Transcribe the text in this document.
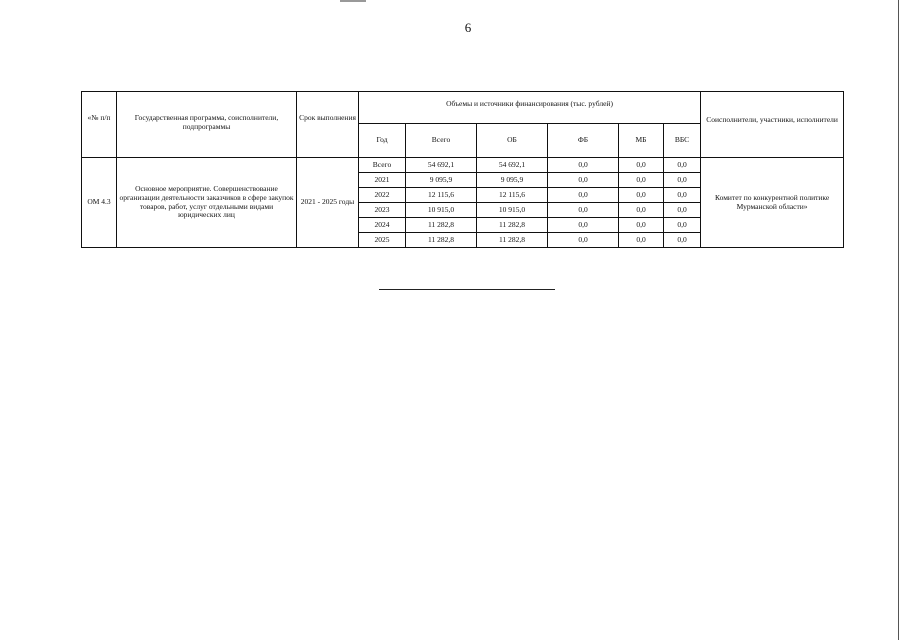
6
«№ п/п	Государственная программа, соисполнители, подпрограммы	Срок выполнения	Объемы и источники финансирования (тыс. рублей)						Соисполнители, участники, исполнители
			Год	Всего	ОБ	ФБ	МБ	ВБС	
ОМ 4.3	Основное мероприятие. Совершенствование организации деятельности заказчиков в сфере закупок товаров, работ, услуг отдельными видами юридических лиц	2021 - 2025 годы	Всего	54 692,1	54 692,1	0,0	0,0	0,0	Комитет по конкурентной политике Мурманской области»
			2021	9 095,9	9 095,9	0,0	0,0	0,0	
			2022	12 115,6	12 115,6	0,0	0,0	0,0	
			2023	10 915,0	10 915,0	0,0	0,0	0,0	
			2024	11 282,8	11 282,8	0,0	0,0	0,0	
			2025	11 282,8	11 282,8	0,0	0,0	0,0	
